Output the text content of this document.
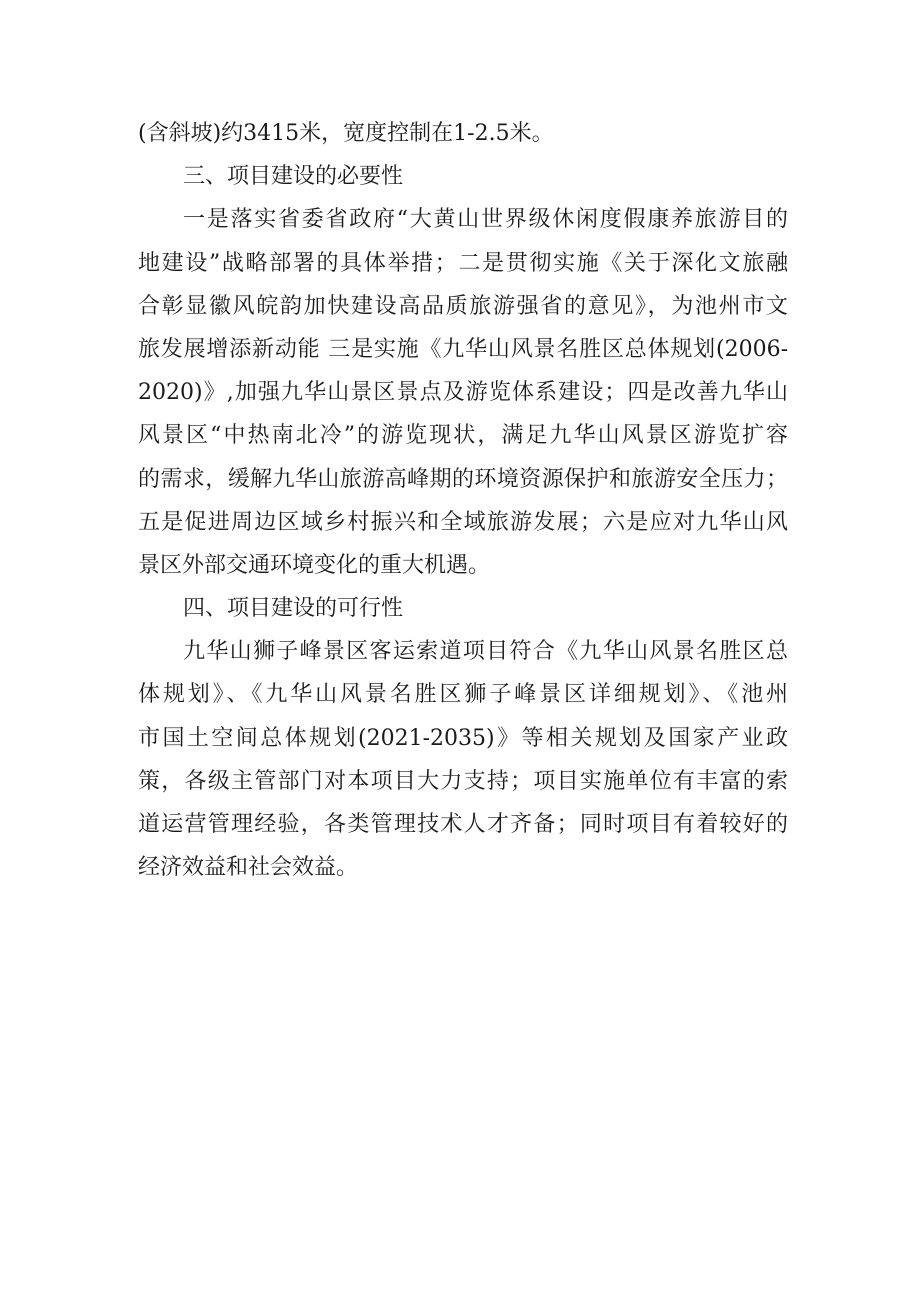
(含斜坡)约3415米，宽度控制在1-2.5米。
三、项目建设的必要性
一是落实省委省政府“大黄山世界级休闲度假康养旅游目的
地建设”战略部署的具体举措；二是贯彻实施《关于深化文旅融
合彰显徽风皖韵加快建设高品质旅游强省的意见》，为池州市文
旅发展增添新动能 三是实施《九华山风景名胜区总体规划(2006-
2020)》,加强九华山景区景点及游览体系建设；四是改善九华山
风景区“中热南北冷”的游览现状，满足九华山风景区游览扩容
的需求，缓解九华山旅游高峰期的环境资源保护和旅游安全压力；
五是促进周边区域乡村振兴和全域旅游发展；六是应对九华山风
景区外部交通环境变化的重大机遇。
四、项目建设的可行性
九华山狮子峰景区客运索道项目符合《九华山风景名胜区总
体规划》、《九华山风景名胜区狮子峰景区详细规划》、《池州
市国土空间总体规划(2021-2035)》等相关规划及国家产业政
策，各级主管部门对本项目大力支持；项目实施单位有丰富的索
道运营管理经验，各类管理技术人才齐备；同时项目有着较好的
经济效益和社会效益。
